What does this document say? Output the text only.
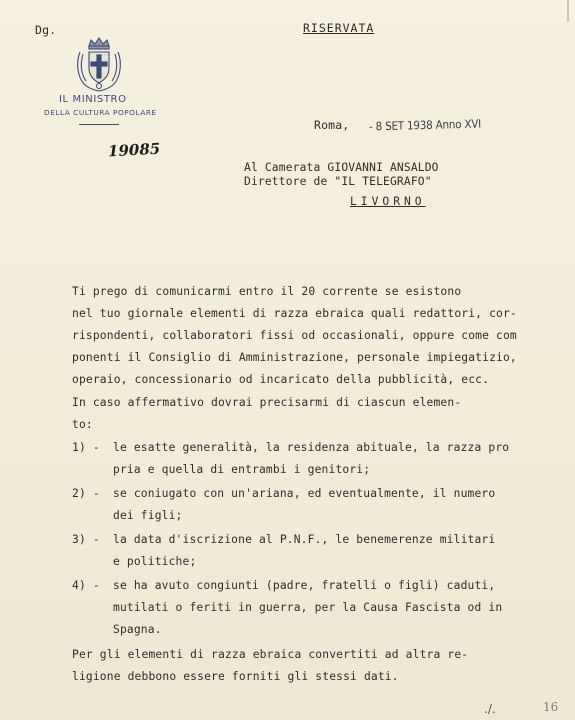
Dg.	RISERVATA
IL MINISTRO
DELLA CULTURA POPOLARE
19085
Roma, - 8 SET 1938 Anno XVI
Al Camerata GIOVANNI ANSALDO
Direttore de "IL TELEGRAFO"
LIVORNO
Ti prego di comunicarmi entro il 20 corrente se esistono
nel tuo giornale elementi di razza ebraica quali redattori, cor-
rispondenti, collaboratori fissi od occasionali, oppure come com
ponenti il Consiglio di Amministrazione, personale impiegatizio,
operaio, concessionario od incaricato della pubblicità, ecc.
In caso affermativo dovrai precisarmi di ciascun elemen-
to:
1) - le esatte generalità, la residenza abituale, la razza pro
pria e quella di entrambi i genitori;
2) - se coniugato con un'ariana, ed eventualmente, il numero
dei figli;
3) - la data d'iscrizione al P.N.F., le benemerenze militari
e politiche;
4) - se ha avuto congiunti (padre, fratelli o figli) caduti,
mutilati o feriti in guerra, per la Causa Fascista od in
Spagna.
Per gli elementi di razza ebraica convertiti ad altra re-
ligione debbono essere forniti gli stessi dati.
./.	16
